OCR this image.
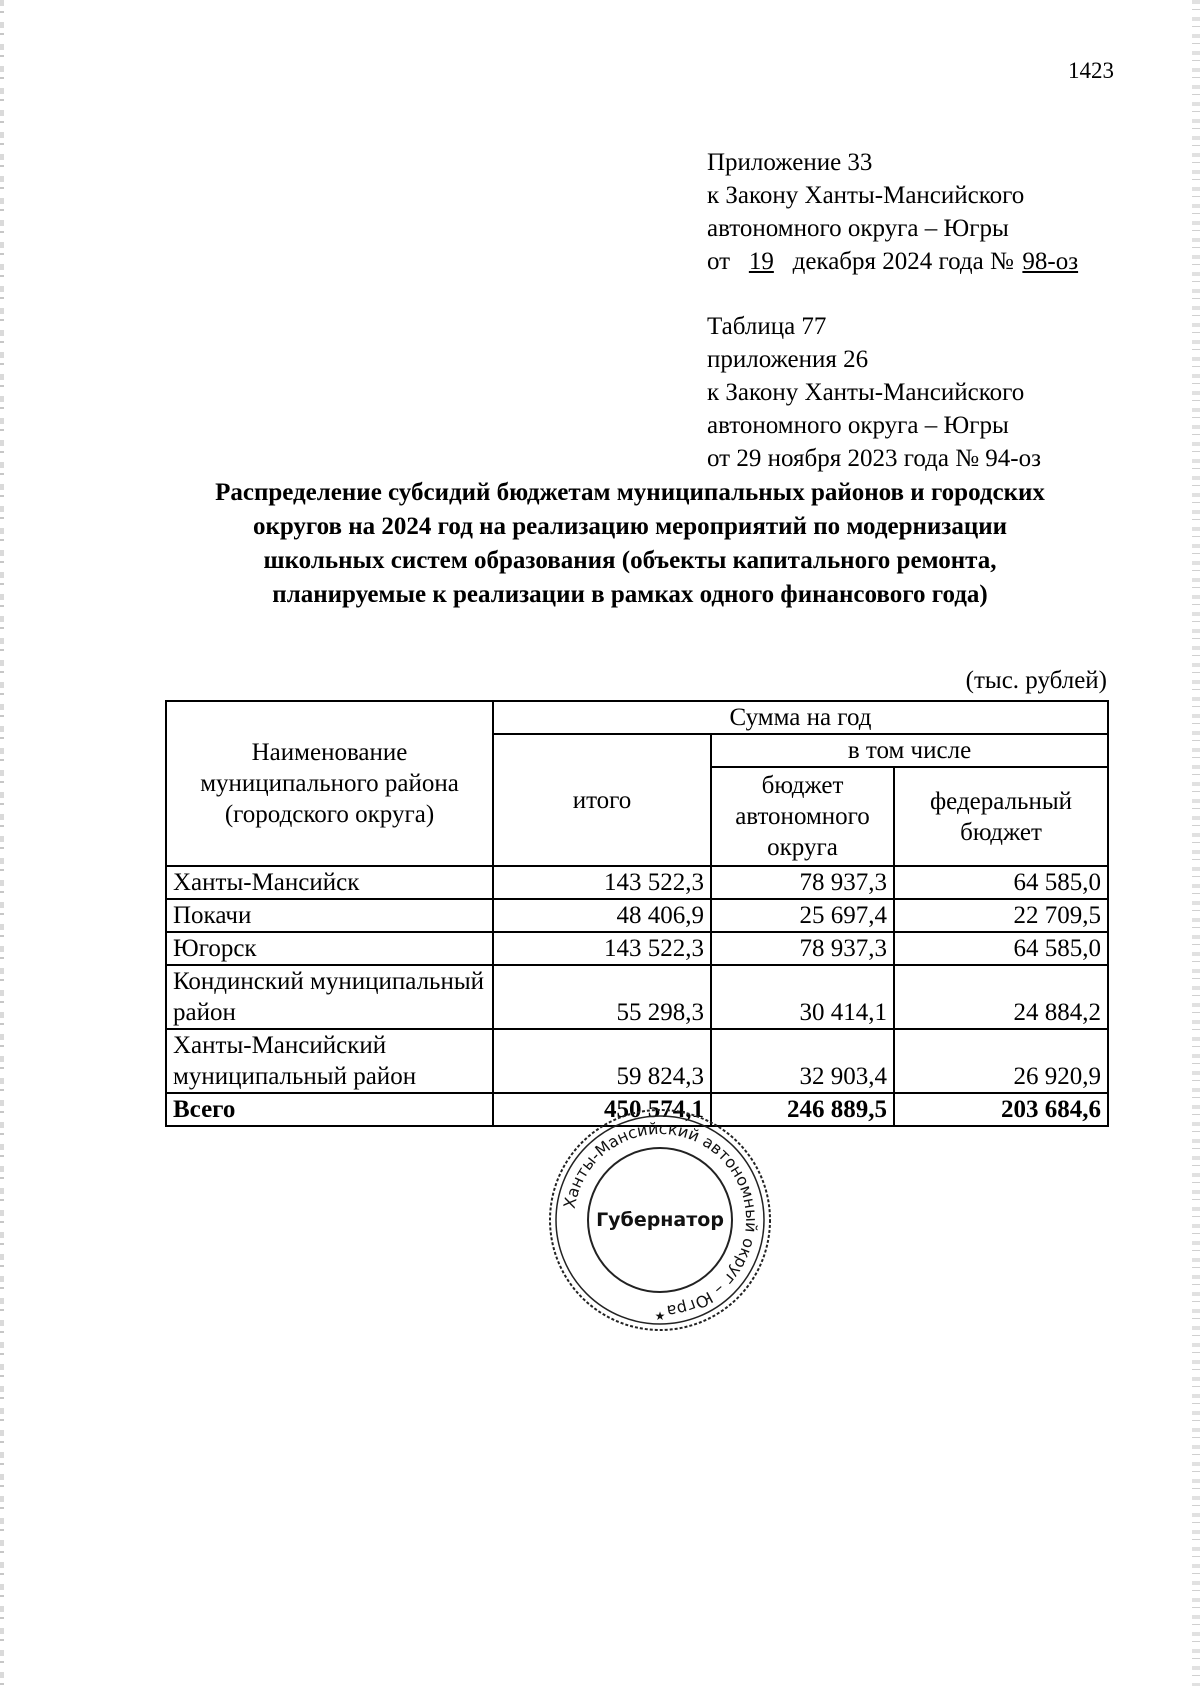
1423
Приложение 33
к Закону Ханты-Мансийского
автономного округа – Югры
от 19 декабря 2024 года № 98-оз
Таблица 77
приложения 26
к Закону Ханты-Мансийского
автономного округа – Югры
от 29 ноября 2023 года № 94-оз
Распределение субсидий бюджетам муниципальных районов и городских
округов на 2024 год на реализацию мероприятий по модернизации
школьных систем образования (объекты капитального ремонта,
планируемые к реализации в рамках одного финансового года)
(тыс. рублей)
Наименование муниципального района (городского округа)	Сумма на год		
	итого	в том числе	
		бюджет автономного округа	федеральный бюджет
Ханты-Мансийск	143 522,3	78 937,3	64 585,0
Покачи	48 406,9	25 697,4	22 709,5
Югорск	143 522,3	78 937,3	64 585,0
Кондинский муниципальный район	55 298,3	30 414,1	24 884,2
Ханты-Мансийский муниципальный район	59 824,3	32 903,4	26 920,9
Всего	450 574,1	246 889,5	203 684,6
Ханты-Мансийский автономный округ – Югра
Губернатор
★
